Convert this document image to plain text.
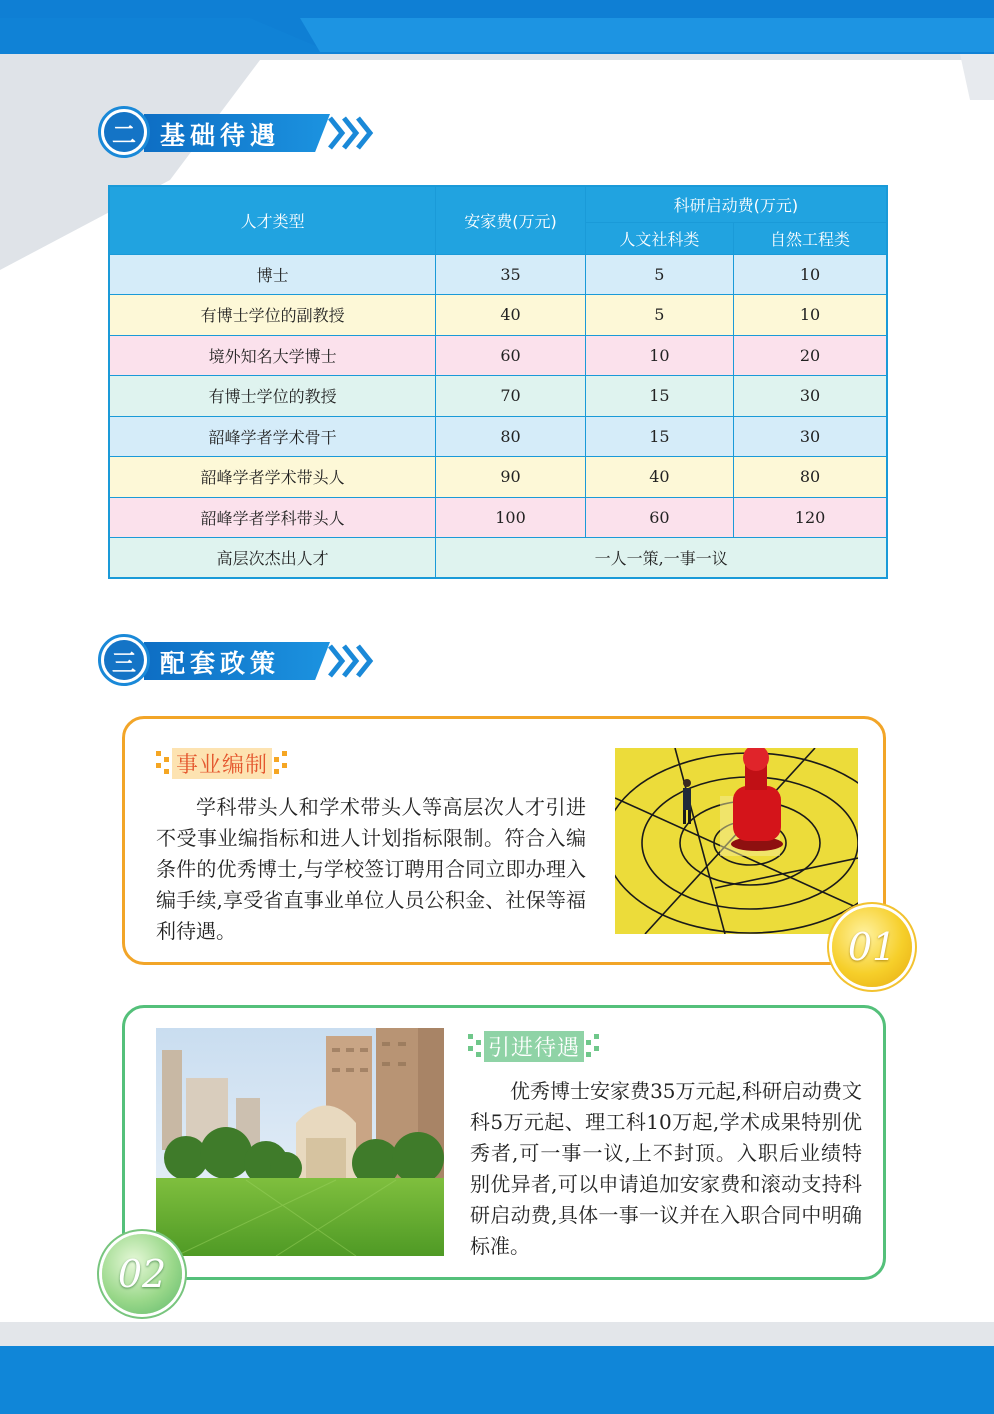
二 基础待遇
人才类型	安家费(万元)	科研启动费(万元)	
		人文社科类	自然工程类
博士	35	5	10
有博士学位的副教授	40	5	10
境外知名大学博士	60	10	20
有博士学位的教授	70	15	30
韶峰学者学术骨干	80	15	30
韶峰学者学术带头人	90	40	80
韶峰学者学科带头人	100	60	120
高层次杰出人才	一人一策,一事一议		
三 配套政策
事业编制
学科带头人和学术带头人等高层次人才引进不受事业编指标和进人计划指标限制。符合入编条件的优秀博士,与学校签订聘用合同立即办理入编手续,享受省直事业单位人员公积金、社保等福利待遇。	01
引进待遇
优秀博士安家费35万元起,科研启动费文科5万元起、理工科10万起,学术成果特别优秀者,可一事一议,上不封顶。入职后业绩特别优异者,可以申请追加安家费和滚动支持科研启动费,具体一事一议并在入职合同中明确标准。
02
